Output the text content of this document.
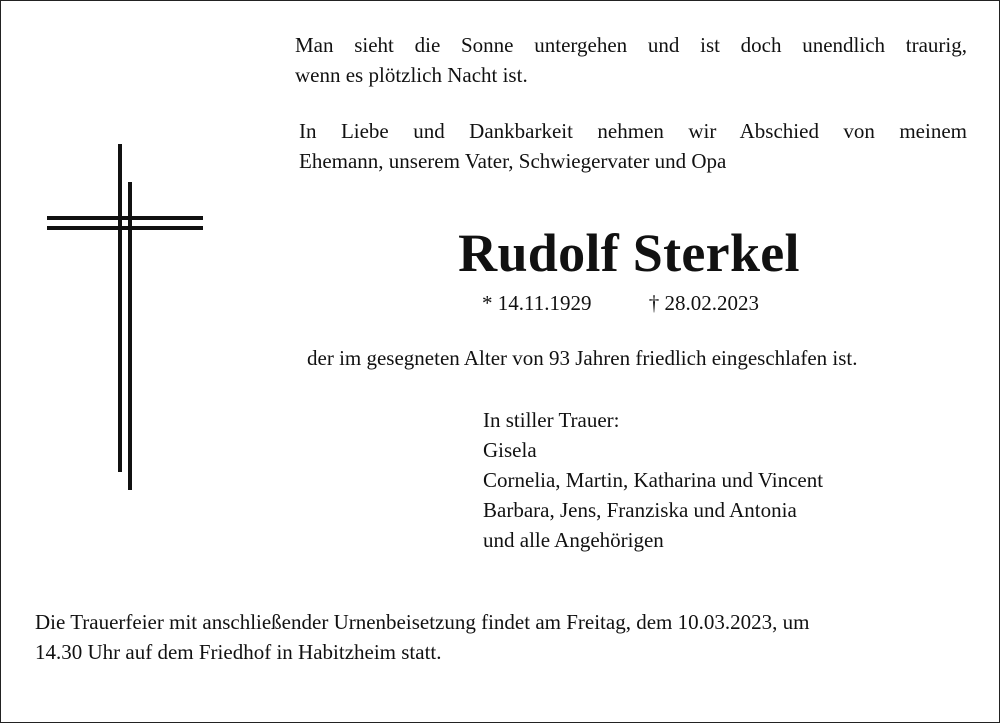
Man sieht die Sonne untergehen und ist doch unendlich traurig,
wenn es plötzlich Nacht ist.
In Liebe und Dankbarkeit nehmen wir Abschied von meinem
Ehemann, unserem Vater, Schwiegervater und Opa
Rudolf Sterkel
* 14.11.1929	† 28.02.2023
der im gesegneten Alter von 93 Jahren friedlich eingeschlafen ist.
In stiller Trauer:
Gisela
Cornelia, Martin, Katharina und Vincent
Barbara, Jens, Franziska und Antonia
und alle Angehörigen
Die Trauerfeier mit anschließender Urnenbeisetzung findet am Freitag, dem 10.03.2023, um
14.30 Uhr auf dem Friedhof in Habitzheim statt.
